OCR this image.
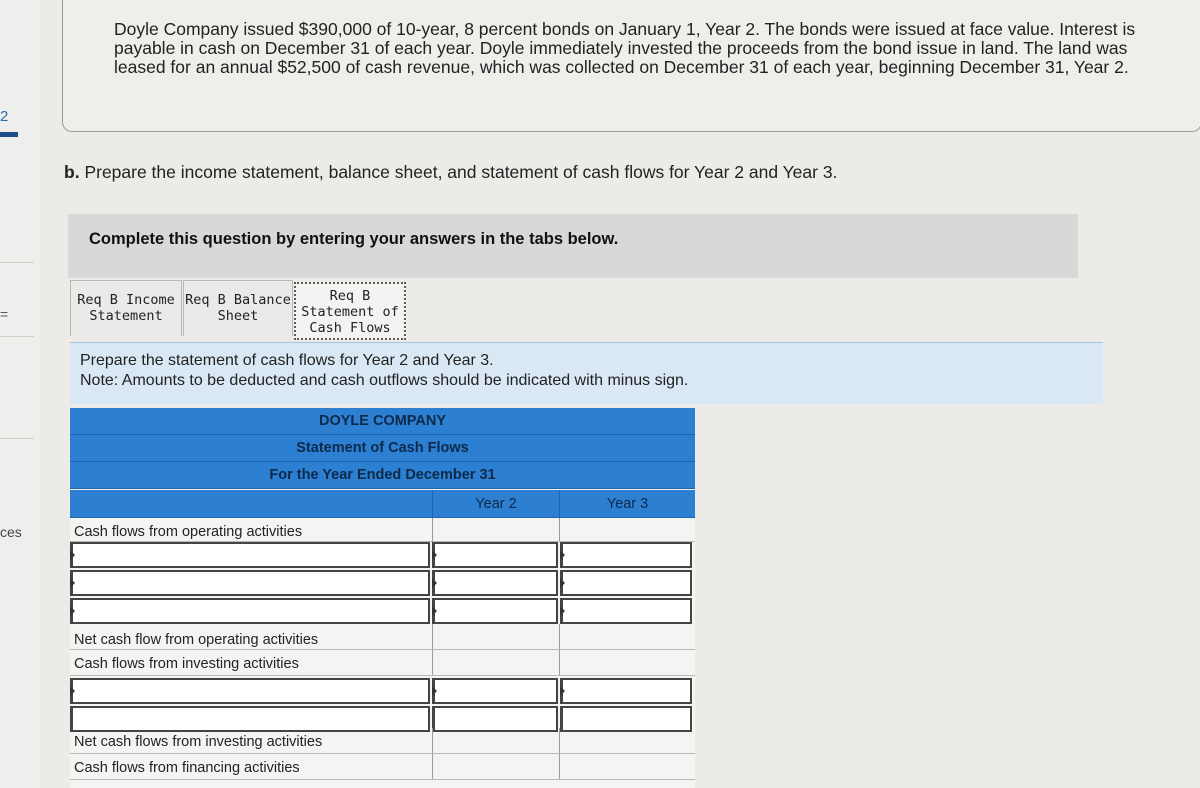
2
=
ces
Doyle Company issued $390,000 of 10-year, 8 percent bonds on January 1, Year 2. The bonds were issued at face value. Interest is payable in cash on December 31 of each year. Doyle immediately invested the proceeds from the bond issue in land. The land was leased for an annual $52,500 of cash revenue, which was collected on December 31 of each year, beginning December 31, Year 2.
b. Prepare the income statement, balance sheet, and statement of cash flows for Year 2 and Year 3.
Complete this question by entering your answers in the tabs below.
Req B Income
Statement
Req B Balance
Sheet
Req B
Statement of
Cash Flows
Prepare the statement of cash flows for Year 2 and Year 3.
Note: Amounts to be deducted and cash outflows should be indicated with minus sign.
DOYLE COMPANY
Statement of Cash Flows
For the Year Ended December 31
Year 2	Year 3
Cash flows from operating activities
Net cash flow from operating activities
Cash flows from investing activities
Net cash flows from investing activities
Cash flows from financing activities
